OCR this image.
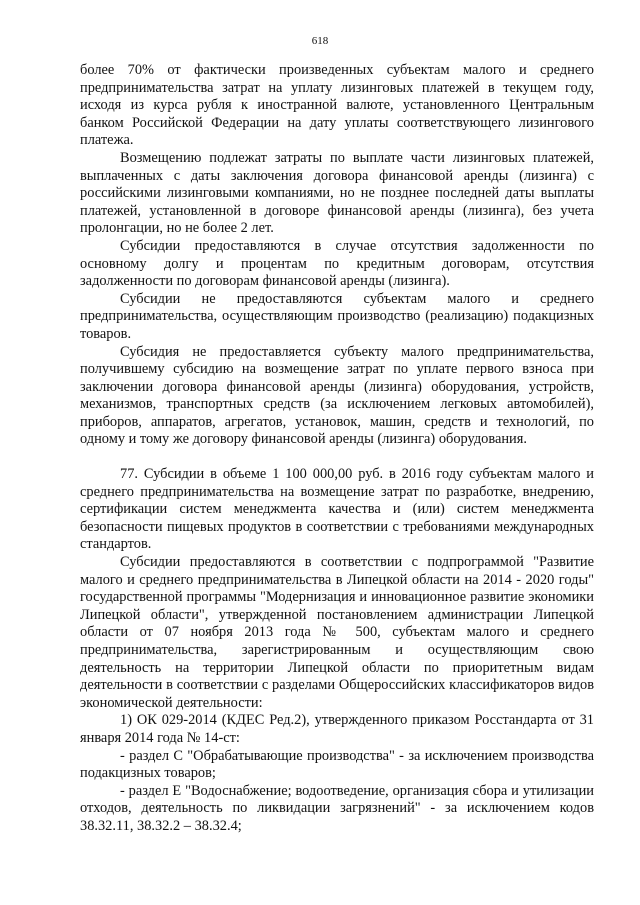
618

более 70% от фактически произведенных субъектам малого и среднего предпринимательства затрат на уплату лизинговых платежей в текущем году, исходя из курса рубля к иностранной валюте, установленного Центральным банком Российской Федерации на дату уплаты соответствующего лизингового платежа.

Возмещению подлежат затраты по выплате части лизинговых платежей, выплаченных с даты заключения договора финансовой аренды (лизинга) с российскими лизинговыми компаниями, но не позднее последней даты выплаты платежей, установленной в договоре финансовой аренды (лизинга), без учета пролонгации, но не более 2 лет.

Субсидии предоставляются в случае отсутствия задолженности по основному долгу и процентам по кредитным договорам, отсутствия задолженности по договорам финансовой аренды (лизинга).

Субсидии не предоставляются субъектам малого и среднего предпринимательства, осуществляющим производство (реализацию) подакцизных товаров.

Субсидия не предоставляется субъекту малого предпринимательства, получившему субсидию на возмещение затрат по уплате первого взноса при заключении договора финансовой аренды (лизинга) оборудования, устройств, механизмов, транспортных средств (за исключением легковых автомобилей), приборов, аппаратов, агрегатов, установок, машин, средств и технологий, по одному и тому же договору финансовой аренды (лизинга) оборудования.

77. Субсидии в объеме 1 100 000,00 руб. в 2016 году субъектам малого и среднего предпринимательства на возмещение затрат по разработке, внедрению, сертификации систем менеджмента качества и (или) систем менеджмента безопасности пищевых продуктов в соответствии с требованиями международных стандартов.

Субсидии предоставляются в соответствии с подпрограммой "Развитие малого и среднего предпринимательства в Липецкой области на 2014 - 2020 годы" государственной программы "Модернизация и инновационное развитие экономики Липецкой области", утвержденной постановлением администрации Липецкой области от 07 ноября 2013 года № 500, субъектам малого и среднего предпринимательства, зарегистрированным и осуществляющим свою деятельность на территории Липецкой области по приоритетным видам деятельности в соответствии с разделами Общероссийских классификаторов видов экономической деятельности:

1) ОК 029-2014 (КДЕС Ред.2), утвержденного приказом Росстандарта от 31 января 2014 года № 14-ст:

- раздел С "Обрабатывающие производства" - за исключением производства подакцизных товаров;

- раздел Е "Водоснабжение; водоотведение, организация сбора и утилизации отходов, деятельность по ликвидации загрязнений" - за исключением кодов 38.32.11, 38.32.2 – 38.32.4;
